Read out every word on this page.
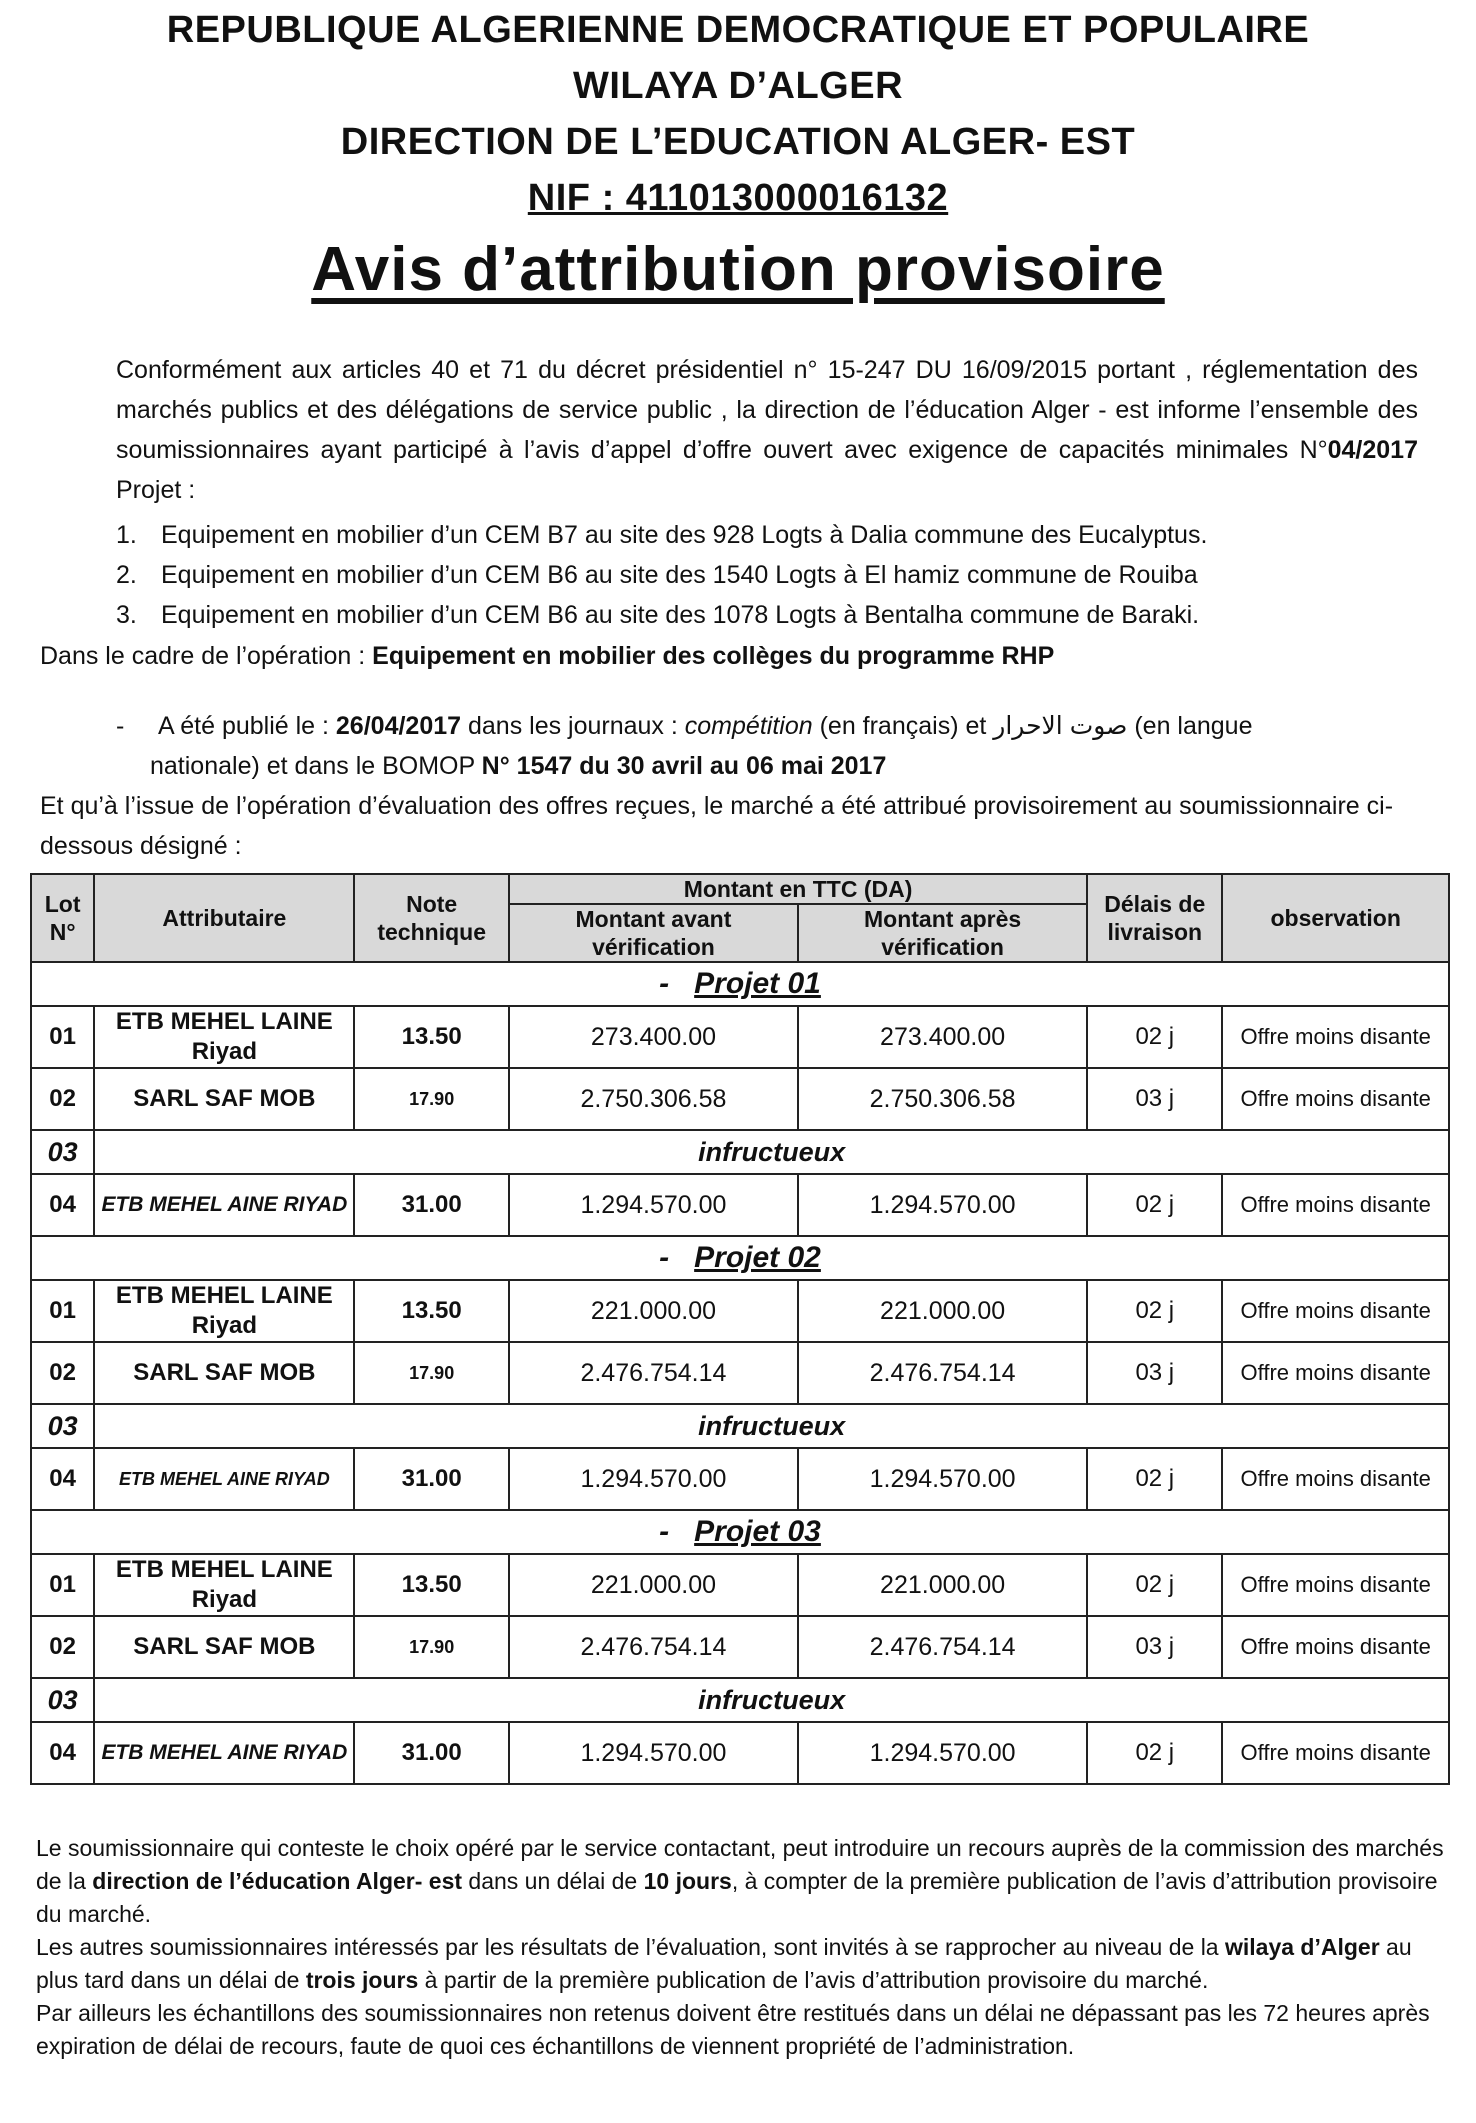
REPUBLIQUE ALGERIENNE DEMOCRATIQUE ET POPULAIRE
WILAYA D’ALGER
DIRECTION DE L’EDUCATION ALGER- EST
NIF : 411013000016132
Avis d’attribution provisoire
Conformément aux articles 40 et 71 du décret présidentiel n° 15-247 DU 16/09/2015 portant , réglementation des marchés publics et des délégations de service public , la direction de l’éducation Alger - est informe l’ensemble des soumissionnaires ayant participé à l’avis d’appel d’offre ouvert avec exigence de capacités minimales N°04/2017 Projet :
1. Equipement en mobilier d’un CEM B7 au site des 928 Logts à Dalia commune des Eucalyptus.
2. Equipement en mobilier d’un CEM B6 au site des 1540 Logts à El hamiz commune de Rouiba
3. Equipement en mobilier d’un CEM B6 au site des 1078 Logts à Bentalha commune de Baraki.
Dans le cadre de l’opération : Equipement en mobilier des collèges du programme RHP
- A été publié le : 26/04/2017 dans les journaux : compétition (en français) et صوت الاحرار (en langue
nationale) et dans le BOMOP N° 1547 du 30 avril au 06 mai 2017
Et qu’à l’issue de l’opération d’évaluation des offres reçues, le marché a été attribué provisoirement au soumissionnaire ci- dessous désigné :
Lot N°	Attributaire	Note technique	Montant en TTC (DA)		Délais de livraison	observation
			Montant avant vérification	Montant après vérification		
- Projet 01						
01	ETB MEHEL LAINE Riyad	13.50	273.400.00	273.400.00	02 j	Offre moins disante
02	SARL SAF MOB	17.90	2.750.306.58	2.750.306.58	03 j	Offre moins disante
03	infructueux					
04	ETB MEHEL AINE RIYAD	31.00	1.294.570.00	1.294.570.00	02 j	Offre moins disante
- Projet 02						
01	ETB MEHEL LAINE Riyad	13.50	221.000.00	221.000.00	02 j	Offre moins disante
02	SARL SAF MOB	17.90	2.476.754.14	2.476.754.14	03 j	Offre moins disante
03	infructueux					
04	ETB MEHEL AINE RIYAD	31.00	1.294.570.00	1.294.570.00	02 j	Offre moins disante
- Projet 03						
01	ETB MEHEL LAINE Riyad	13.50	221.000.00	221.000.00	02 j	Offre moins disante
02	SARL SAF MOB	17.90	2.476.754.14	2.476.754.14	03 j	Offre moins disante
03	infructueux					
04	ETB MEHEL AINE RIYAD	31.00	1.294.570.00	1.294.570.00	02 j	Offre moins disante

Le soumissionnaire qui conteste le choix opéré par le service contactant, peut introduire un recours auprès de la commission des marchés de la direction de l’éducation Alger- est dans un délai de 10 jours, à compter de la première publication de l’avis d’attribution provisoire du marché.

Les autres soumissionnaires intéressés par les résultats de l’évaluation, sont invités à se rapprocher au niveau de la wilaya d’Alger au plus tard dans un délai de trois jours à partir de la première publication de l’avis d’attribution provisoire du marché.

Par ailleurs les échantillons des soumissionnaires non retenus doivent être restitués dans un délai ne dépassant pas les 72 heures après expiration de délai de recours, faute de quoi ces échantillons de viennent propriété de l’administration.
